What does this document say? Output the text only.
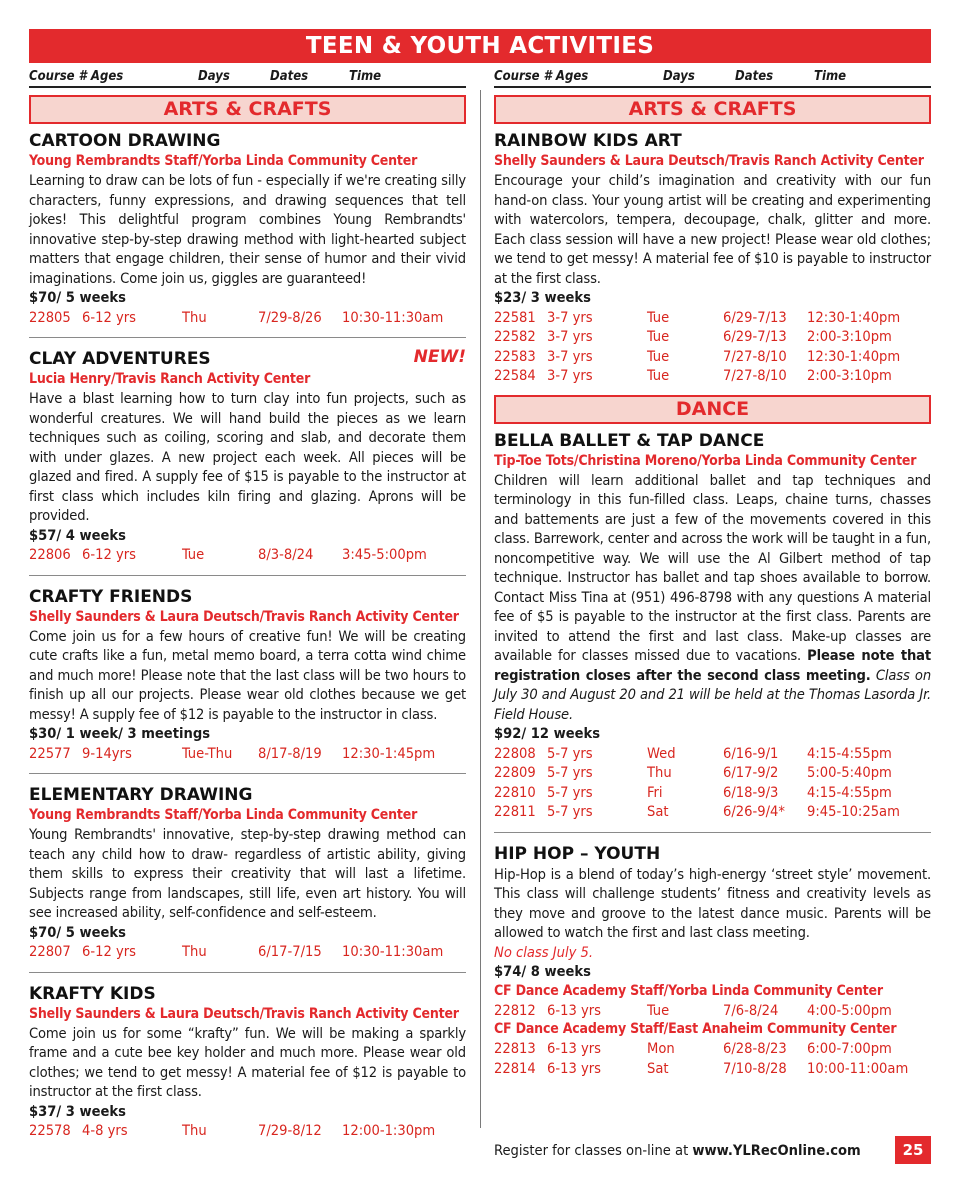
TEEN & YOUTH ACTIVITIES
Course # Ages	Days	Dates	Time
ARTS & CRAFTS
CARTOON DRAWING
Young Rembrandts Staff/Yorba Linda Community Center
Learning to draw can be lots of fun - especially if we're creating silly characters, funny expressions, and drawing sequences that tell jokes! This delightful program combines Young Rembrandts' innovative step-by-step drawing method with light-hearted subject matters that engage children, their sense of humor and their vivid imaginations. Come join us, giggles are guaranteed!
$70/ 5 weeks
22805 6-12 yrs	Thu	7/29-8/26 10:30-11:30am
CLAY ADVENTURES	NEW!
Lucia Henry/Travis Ranch Activity Center
Have a blast learning how to turn clay into fun projects, such as wonderful creatures. We will hand build the pieces as we learn techniques such as coiling, scoring and slab, and decorate them with under glazes. A new project each week. All pieces will be glazed and fired. A supply fee of $15 is payable to the instructor at first class which includes kiln firing and glazing. Aprons will be provided.
$57/ 4 weeks
22806 6-12 yrs	Tue	8/3-8/24 3:45-5:00pm
CRAFTY FRIENDS
Shelly Saunders & Laura Deutsch/Travis Ranch Activity Center
Come join us for a few hours of creative fun! We will be creating cute crafts like a fun, metal memo board, a terra cotta wind chime and much more! Please note that the last class will be two hours to finish up all our projects. Please wear old clothes because we get messy! A supply fee of $12 is payable to the instructor in class.
$30/ 1 week/ 3 meetings
22577 9-14yrs	Tue-Thu 8/17-8/19 12:30-1:45pm
ELEMENTARY DRAWING
Young Rembrandts Staff/Yorba Linda Community Center
Young Rembrandts' innovative, step-by-step drawing method can teach any child how to draw- regardless of artistic ability, giving them skills to express their creativity that will last a lifetime. Subjects range from landscapes, still life, even art history. You will see increased ability, self-confidence and self-esteem.
$70/ 5 weeks
22807 6-12 yrs	Thu	6/17-7/15 10:30-11:30am
KRAFTY KIDS
Shelly Saunders & Laura Deutsch/Travis Ranch Activity Center
Come join us for some “krafty” fun. We will be making a sparkly frame and a cute bee key holder and much more. Please wear old clothes; we tend to get messy! A material fee of $12 is payable to instructor at the first class.
$37/ 3 weeks
22578 4-8 yrs	Thu	7/29-8/12 12:00-1:30pm
Course # Ages	Days	Dates	Time
ARTS & CRAFTS
RAINBOW KIDS ART
Shelly Saunders & Laura Deutsch/Travis Ranch Activity Center
Encourage your child’s imagination and creativity with our fun hand-on class. Your young artist will be creating and experimenting with watercolors, tempera, decoupage, chalk, glitter and more. Each class session will have a new project! Please wear old clothes; we tend to get messy! A material fee of $10 is payable to instructor at the first class.
$23/ 3 weeks
22581 3-7 yrs	Tue	6/29-7/13 12:30-1:40pm
22582 3-7 yrs	Tue	6/29-7/13 2:00-3:10pm
22583 3-7 yrs	Tue	7/27-8/10 12:30-1:40pm
22584 3-7 yrs	Tue	7/27-8/10 2:00-3:10pm
DANCE
BELLA BALLET & TAP DANCE
Tip-Toe Tots/Christina Moreno/Yorba Linda Community Center
Children will learn additional ballet and tap techniques and terminology in this fun-filled class. Leaps, chaine turns, chasses and battements are just a few of the movements covered in this class. Barrework, center and across the work will be taught in a fun, noncompetitive way. We will use the Al Gilbert method of tap technique. Instructor has ballet and tap shoes available to borrow. Contact Miss Tina at (951) 496-8798 with any questions A material fee of $5 is payable to the instructor at the first class. Parents are invited to attend the first and last class. Make-up classes are available for classes missed due to vacations. Please note that registration closes after the second class meeting. Class on July 30 and August 20 and 21 will be held at the Thomas Lasorda Jr. Field House.
$92/ 12 weeks
22808 5-7 yrs	Wed	6/16-9/1 4:15-4:55pm
22809 5-7 yrs	Thu	6/17-9/2 5:00-5:40pm
22810 5-7 yrs	Fri	6/18-9/3 4:15-4:55pm
22811 5-7 yrs	Sat	6/26-9/4* 9:45-10:25am
HIP HOP – YOUTH
Hip-Hop is a blend of today’s high-energy ‘street style’ movement. This class will challenge students’ fitness and creativity levels as they move and groove to the latest dance music. Parents will be allowed to watch the first and last class meeting.
No class July 5.
$74/ 8 weeks
CF Dance Academy Staff/Yorba Linda Community Center
22812 6-13 yrs	Tue	7/6-8/24 4:00-5:00pm
CF Dance Academy Staff/East Anaheim Community Center
22813 6-13 yrs	Mon	6/28-8/23 6:00-7:00pm
22814 6-13 yrs	Sat	7/10-8/28 10:00-11:00am
Register for classes on-line at www.YLRecOnline.com	25
